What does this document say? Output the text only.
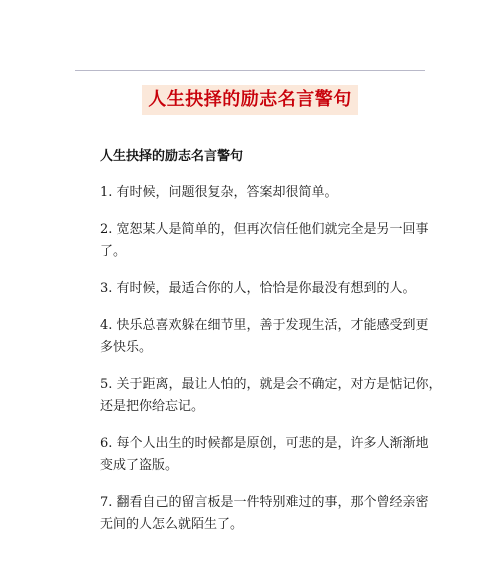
人生抉择的励志名言警句
人生抉择的励志名言警句
1. 有时候，问题很复杂，答案却很简单。
2. 宽恕某人是简单的，但再次信任他们就完全是另一回事
了。
3. 有时候，最适合你的人，恰恰是你最没有想到的人。
4. 快乐总喜欢躲在细节里，善于发现生活，才能感受到更
多快乐。
5. 关于距离，最让人怕的，就是会不确定，对方是惦记你，
还是把你给忘记。
6. 每个人出生的时候都是原创，可悲的是，许多人渐渐地
变成了盗版。
7. 翻看自己的留言板是一件特别难过的事，那个曾经亲密
无间的人怎么就陌生了。
